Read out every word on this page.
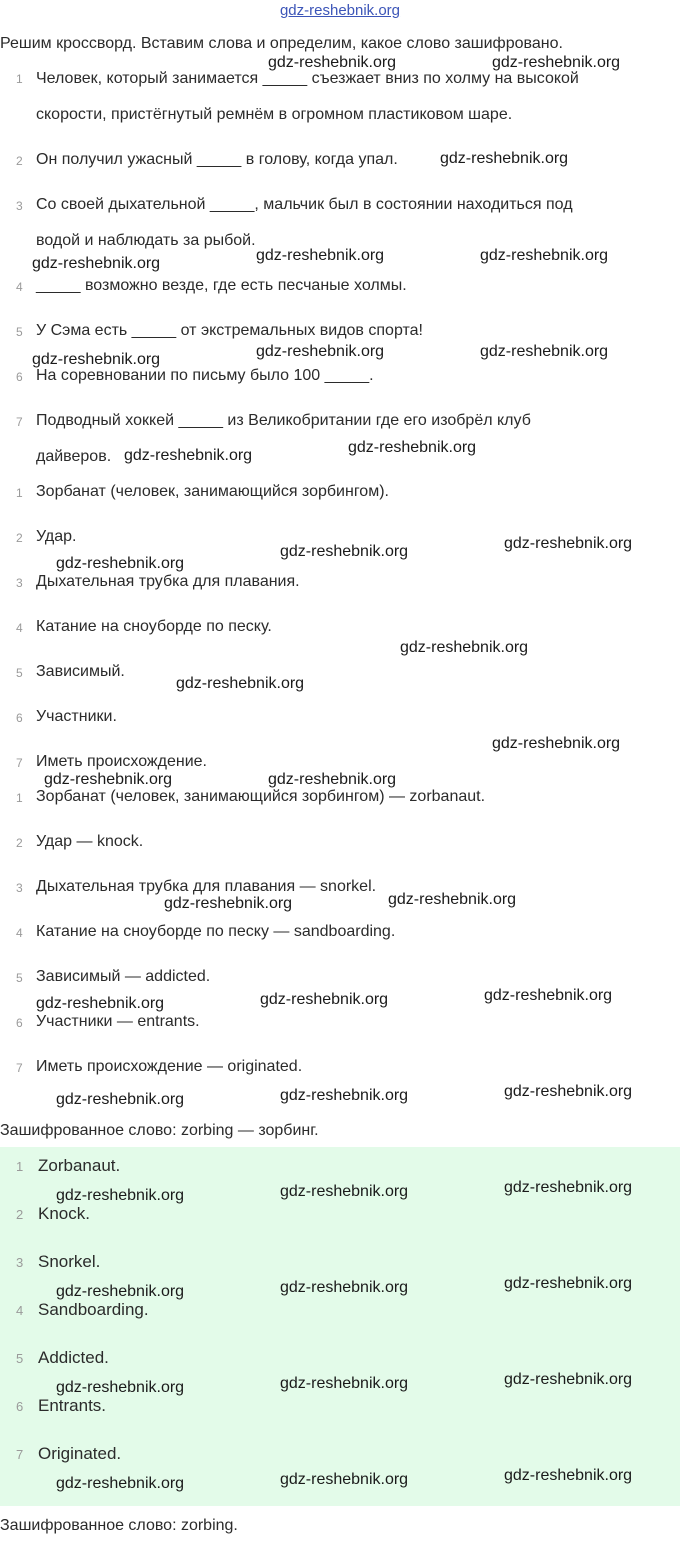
gdz-reshebnik.org
Решим кроссворд. Вставим слова и определим, какое слово зашифровано.
1 Человек, который занимается _____ съезжает вниз по холму на высокой
скорости, пристёгнутый ремнём в огромном пластиковом шаре.
2 Он получил ужасный _____ в голову, когда упал.
3 Со своей дыхательной _____, мальчик был в состоянии находиться под
водой и наблюдать за рыбой.
4 _____ возможно везде, где есть песчаные холмы.
5 У Сэма есть _____ от экстремальных видов спорта!
6 На соревновании по письму было 100 _____.
7 Подводный хоккей _____ из Великобритании где его изобрёл клуб
дайверов.
1 Зорбанат (человек, занимающийся зорбингом).
2 Удар.
3 Дыхательная трубка для плавания.
4 Катание на сноуборде по песку.
5 Зависимый.
6 Участники.
7 Иметь происхождение.
1 Зорбанат (человек, занимающийся зорбингом) — zorbanaut.
2 Удар — knock.
3 Дыхательная трубка для плавания — snorkel.
4 Катание на сноуборде по песку — sandboarding.
5 Зависимый — addicted.
6 Участники — entrants.
7 Иметь происхождение — originated.
Зашифрованное слово: zorbing — зорбинг.
1 Zorbanaut.
2 Knock.
3 Snorkel.
4 Sandboarding.
5 Addicted.
6 Entrants.
7 Originated.
Зашифрованное слово: zorbing.
gdz-reshebnik.org	gdz-reshebnik.org
gdz-reshebnik.org
gdz-reshebnik.org	gdz-reshebnik.org	gdz-reshebnik.org
gdz-reshebnik.org	gdz-reshebnik.org	gdz-reshebnik.org
gdz-reshebnik.org	gdz-reshebnik.org
gdz-reshebnik.org
gdz-reshebnik.org	gdz-reshebnik.org
gdz-reshebnik.org
gdz-reshebnik.org
gdz-reshebnik.org
gdz-reshebnik.org	gdz-reshebnik.org
gdz-reshebnik.org	gdz-reshebnik.org
gdz-reshebnik.org	gdz-reshebnik.org	gdz-reshebnik.org
gdz-reshebnik.org	gdz-reshebnik.org	gdz-reshebnik.org
gdz-reshebnik.org	gdz-reshebnik.org	gdz-reshebnik.org
gdz-reshebnik.org	gdz-reshebnik.org	gdz-reshebnik.org
gdz-reshebnik.org	gdz-reshebnik.org	gdz-reshebnik.org
gdz-reshebnik.org	gdz-reshebnik.org	gdz-reshebnik.org
